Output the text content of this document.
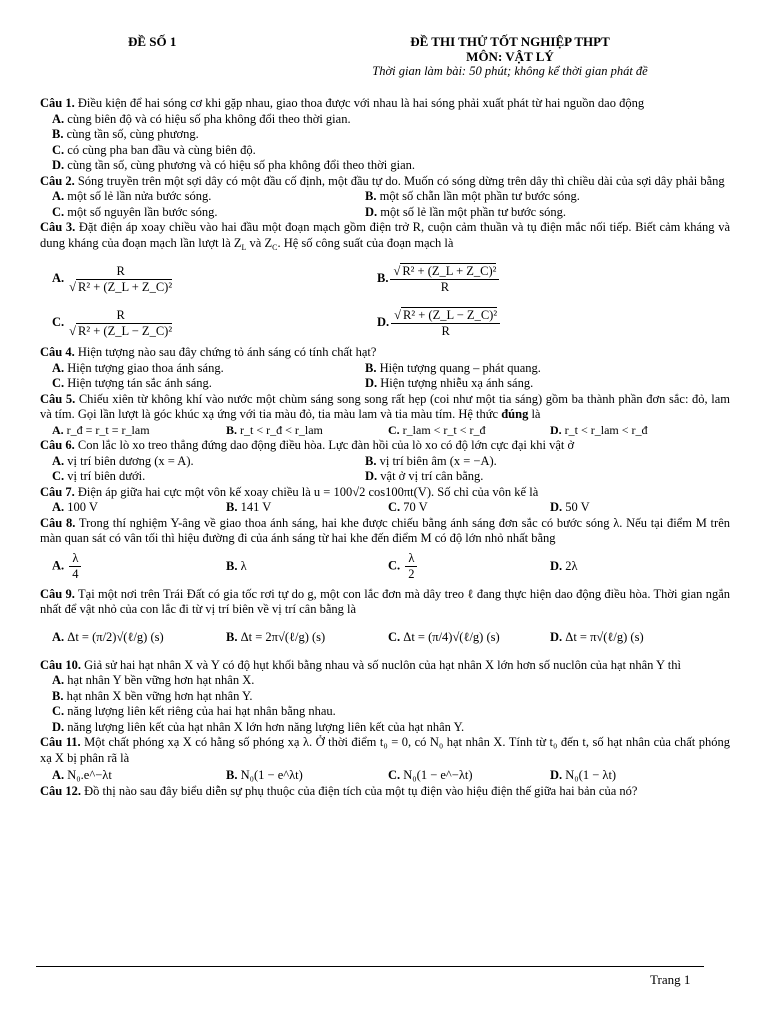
ĐỀ SỐ 1	ĐỀ THI THỬ TỐT NGHIỆP THPT
MÔN: VẬT LÝ
Thời gian làm bài: 50 phút; không kể thời gian phát đề
Câu 1. Điều kiện để hai sóng cơ khi gặp nhau, giao thoa được với nhau là hai sóng phải xuất phát từ hai nguồn dao động
A. cùng biên độ và có hiệu số pha không đổi theo thời gian.
B. cùng tần số, cùng phương.
C. có cùng pha ban đầu và cùng biên độ.
D. cùng tần số, cùng phương và có hiệu số pha không đổi theo thời gian.
Câu 2. Sóng truyền trên một sợi dây có một đầu cố định, một đầu tự do. Muốn có sóng dừng trên dây thì chiều dài của sợi dây phải bằng
A. một số lẻ lần nửa bước sóng.	B. một số chẵn lần một phần tư bước sóng.
C. một số nguyên lần bước sóng.	D. một số lẻ lần một phần tư bước sóng.
Câu 3. Đặt điện áp xoay chiều vào hai đầu một đoạn mạch gồm điện trở R, cuộn cảm thuần và tụ điện mắc nối tiếp. Biết cảm kháng và dung kháng của đoạn mạch lần lượt là $Z_L$ và $Z_C$. Hệ số công suất của đoạn mạch là
A. $\frac{R}{\text{√ R² + (Z\_L + Z\_C)²}}$	B. $\frac{\text{√ R² + (Z\_L + Z\_C)²}}{R}$
C. $\frac{R}{\text{√ R² + (Z\_L − Z\_C)²}}$	D. $\frac{\text{√ R² + (Z\_L − Z\_C)²}}{R}$
Câu 4. Hiện tượng nào sau đây chứng tỏ ánh sáng có tính chất hạt?
A. Hiện tượng giao thoa ánh sáng.	B. Hiện tượng quang – phát quang.
C. Hiện tượng tán sắc ánh sáng.	D. Hiện tượng nhiễu xạ ánh sáng.
Câu 5. Chiếu xiên từ không khí vào nước một chùm sáng song song rất hẹp (coi như một tia sáng) gồm ba thành phần đơn sắc: đỏ, lam và tím. Gọi lần lượt là góc khúc xạ ứng với tia màu đỏ, tia màu lam và tia màu tím. Hệ thức đúng là
A. r_đ = r_t = r_lam	B. r_t < r_đ < r_lam	C. r_lam < r_t < r_đ	D. r_t < r_lam < r_đ
Câu 6. Con lắc lò xo treo thẳng đứng dao động điều hòa. Lực đàn hồi của lò xo có độ lớn cực đại khi vật ở
A. vị trí biên dương (x = A).	B. vị trí biên âm (x = −A).
C. vị trí biên dưới.	D. vật ở vị trí cân bằng.
Câu 7. Điện áp giữa hai cực một vôn kế xoay chiều là u = 100√2 cos100πt(V). Số chỉ của vôn kế là
A. 100 V	B. 141 V	C. 70 V	D. 50 V
Câu 8. Trong thí nghiệm Y-âng về giao thoa ánh sáng, hai khe được chiếu bằng ánh sáng đơn sắc có bước sóng λ. Nếu tại điểm M trên màn quan sát có vân tối thì hiệu đường đi của ánh sáng từ hai khe đến điểm M có độ lớn nhỏ nhất bằng
A. $\frac{\lambda}{4}$	B. λ	C. $\frac{\lambda}{2}$	D. 2λ
Câu 9. Tại một nơi trên Trái Đất có gia tốc rơi tự do g, một con lắc đơn mà dây treo ℓ đang thực hiện dao động điều hòa. Thời gian ngắn nhất để vật nhỏ của con lắc đi từ vị trí biên về vị trí cân bằng là
A. Δt = (π/2)√(ℓ/g) (s)	B. Δt = 2π√(ℓ/g) (s)	C. Δt = (π/4)√(ℓ/g) (s)	D. Δt = π√(ℓ/g) (s)
Câu 10. Giả sử hai hạt nhân X và Y có độ hụt khối bằng nhau và số nuclôn của hạt nhân X lớn hơn số nuclôn của hạt nhân Y thì
A. hạt nhân Y bền vững hơn hạt nhân X.
B. hạt nhân X bền vững hơn hạt nhân Y.
C. năng lượng liên kết riêng của hai hạt nhân bằng nhau.
D. năng lượng liên kết của hạt nhân X lớn hơn năng lượng liên kết của hạt nhân Y.
Câu 11. Một chất phóng xạ X có hằng số phóng xạ λ. Ở thời điểm t₀ = 0, có N₀ hạt nhân X. Tính từ t₀ đến t, số hạt nhân của chất phóng xạ X bị phân rã là
A. N₀.e^−λt	B. N₀(1 − e^λt)	C. N₀(1 − e^−λt)	D. N₀(1 − λt)
Câu 12. Đồ thị nào sau đây biểu diễn sự phụ thuộc của điện tích của một tụ điện vào hiệu điện thế giữa hai bản của nó?
Trang 1
